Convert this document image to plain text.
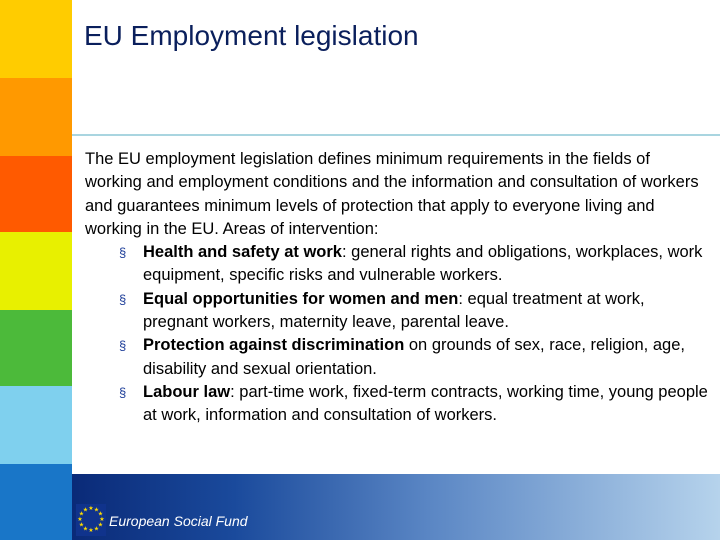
EU Employment legislation

The EU employment legislation defines minimum requirements in the fields of working and employment conditions and the information and consultation of workers and guarantees minimum levels of protection that apply to everyone living and working in the EU. Areas of intervention:

§ Health and safety at work: general rights and obligations, workplaces, work equipment, specific risks and vulnerable workers.
§ Equal opportunities for women and men: equal treatment at work, pregnant workers, maternity leave, parental leave.
§ Protection against discrimination on grounds of sex, race, religion, age, disability and sexual orientation.
§ Labour law: part-time work, fixed-term contracts, working time, young people at work, information and consultation of workers.
★ ★
★
★
★
★
★
★
★
★
★
★
European Social Fund
